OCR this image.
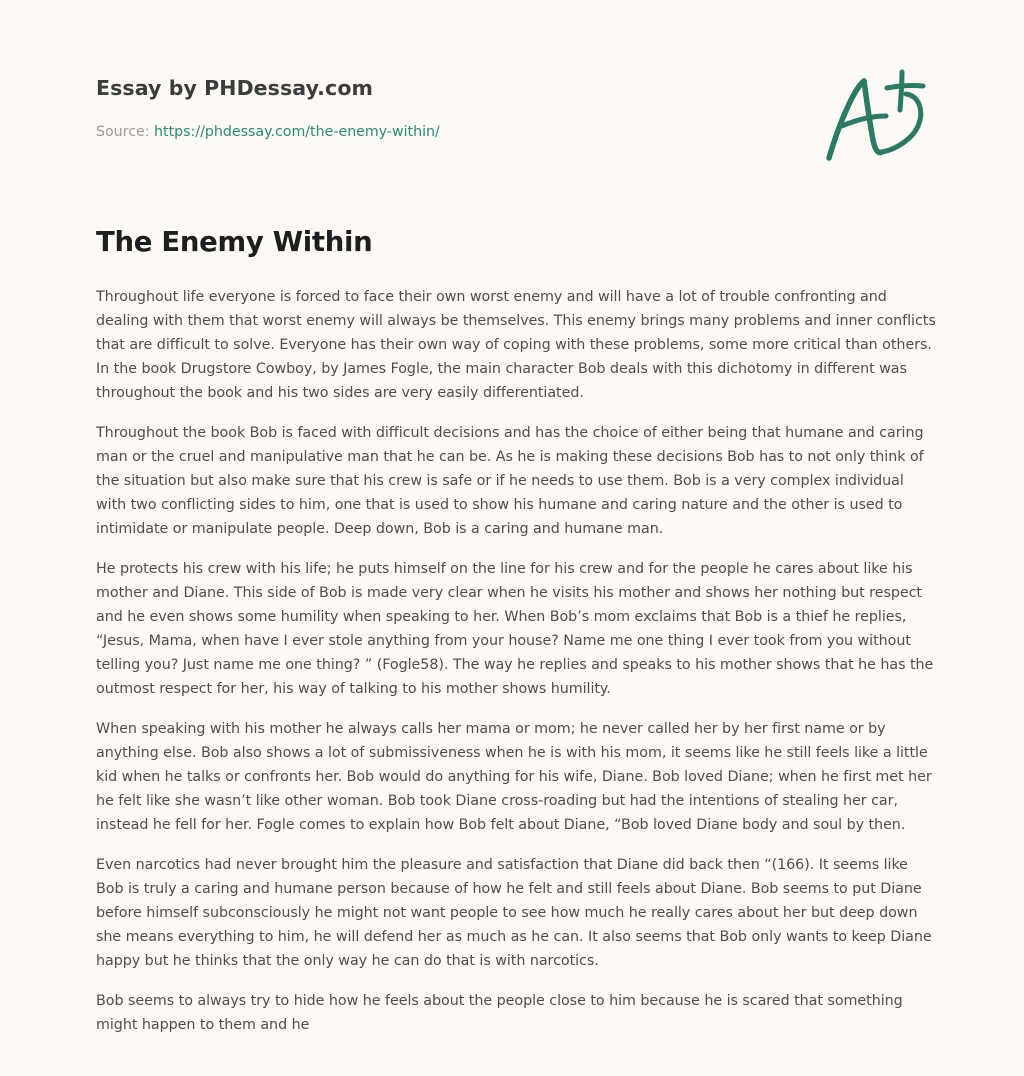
Essay by PHDessay.com
Source: https://phdessay.com/the-enemy-within/
The Enemy Within

Throughout life everyone is forced to face their own worst enemy and will have a lot of trouble confronting and dealing with them that worst enemy will always be themselves. This enemy brings many problems and inner conflicts that are difficult to solve. Everyone has their own way of coping with these problems, some more critical than others. In the book Drugstore Cowboy, by James Fogle, the main character Bob deals with this dichotomy in different was throughout the book and his two sides are very easily differentiated.

Throughout the book Bob is faced with difficult decisions and has the choice of either being that humane and caring man or the cruel and manipulative man that he can be. As he is making these decisions Bob has to not only think of the situation but also make sure that his crew is safe or if he needs to use them. Bob is a very complex individual with two conflicting sides to him, one that is used to show his humane and caring nature and the other is used to intimidate or manipulate people. Deep down, Bob is a caring and humane man.

He protects his crew with his life; he puts himself on the line for his crew and for the people he cares about like his mother and Diane. This side of Bob is made very clear when he visits his mother and shows her nothing but respect and he even shows some humility when speaking to her. When Bob’s mom exclaims that Bob is a thief he replies, “Jesus, Mama, when have I ever stole anything from your house? Name me one thing I ever took from you without telling you? Just name me one thing? ” (Fogle58). The way he replies and speaks to his mother shows that he has the outmost respect for her, his way of talking to his mother shows humility.

When speaking with his mother he always calls her mama or mom; he never called her by her first name or by anything else. Bob also shows a lot of submissiveness when he is with his mom, it seems like he still feels like a little kid when he talks or confronts her. Bob would do anything for his wife, Diane. Bob loved Diane; when he first met her he felt like she wasn’t like other woman. Bob took Diane cross-roading but had the intentions of stealing her car, instead he fell for her. Fogle comes to explain how Bob felt about Diane, “Bob loved Diane body and soul by then.

Even narcotics had never brought him the pleasure and satisfaction that Diane did back then “(166). It seems like Bob is truly a caring and humane person because of how he felt and still feels about Diane. Bob seems to put Diane before himself subconsciously he might not want people to see how much he really cares about her but deep down she means everything to him, he will defend her as much as he can. It also seems that Bob only wants to keep Diane happy but he thinks that the only way he can do that is with narcotics.

Bob seems to always try to hide how he feels about the people close to him because he is scared that something might happen to them and he
